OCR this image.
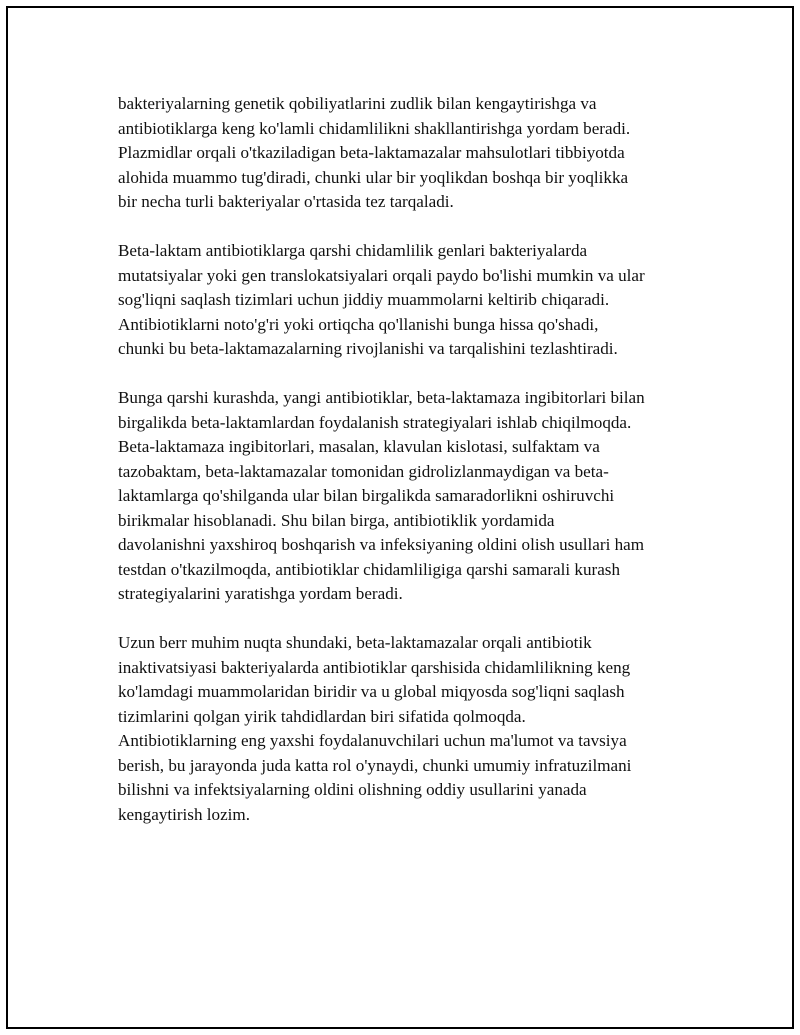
bakteriyalarning genetik qobiliyatlarini zudlik bilan kengaytirishga va
antibiotiklarga keng ko'lamli chidamlilikni shakllantirishga yordam beradi.
Plazmidlar orqali o'tkaziladigan beta-laktamazalar mahsulotlari tibbiyotda
alohida muammo tug'diradi, chunki ular bir yoqlikdan boshqa bir yoqlikka
bir necha turli bakteriyalar o'rtasida tez tarqaladi.

Beta-laktam antibiotiklarga qarshi chidamlilik genlari bakteriyalarda
mutatsiyalar yoki gen translokatsiyalari orqali paydo bo'lishi mumkin va ular
sog'liqni saqlash tizimlari uchun jiddiy muammolarni keltirib chiqaradi.
Antibiotiklarni noto'g'ri yoki ortiqcha qo'llanishi bunga hissa qo'shadi,
chunki bu beta-laktamazalarning rivojlanishi va tarqalishini tezlashtiradi.

Bunga qarshi kurashda, yangi antibiotiklar, beta-laktamaza ingibitorlari bilan
birgalikda beta-laktamlardan foydalanish strategiyalari ishlab chiqilmoqda.
Beta-laktamaza ingibitorlari, masalan, klavulan kislotasi, sulfaktam va
tazobaktam, beta-laktamazalar tomonidan gidrolizlanmaydigan va beta-
laktamlarga qo'shilganda ular bilan birgalikda samaradorlikni oshiruvchi
birikmalar hisoblanadi. Shu bilan birga, antibiotiklik yordamida
davolanishni yaxshiroq boshqarish va infeksiyaning oldini olish usullari ham
testdan o'tkazilmoqda, antibiotiklar chidamliligiga qarshi samarali kurash
strategiyalarini yaratishga yordam beradi.

Uzun berr muhim nuqta shundaki, beta-laktamazalar orqali antibiotik
inaktivatsiyasi bakteriyalarda antibiotiklar qarshisida chidamlilikning keng
ko'lamdagi muammolaridan biridir va u global miqyosda sog'liqni saqlash
tizimlarini qolgan yirik tahdidlardan biri sifatida qolmoqda.
Antibiotiklarning eng yaxshi foydalanuvchilari uchun ma'lumot va tavsiya
berish, bu jarayonda juda katta rol o'ynaydi, chunki umumiy infratuzilmani
bilishni va infektsiyalarning oldini olishning oddiy usullarini yanada
kengaytirish lozim.
